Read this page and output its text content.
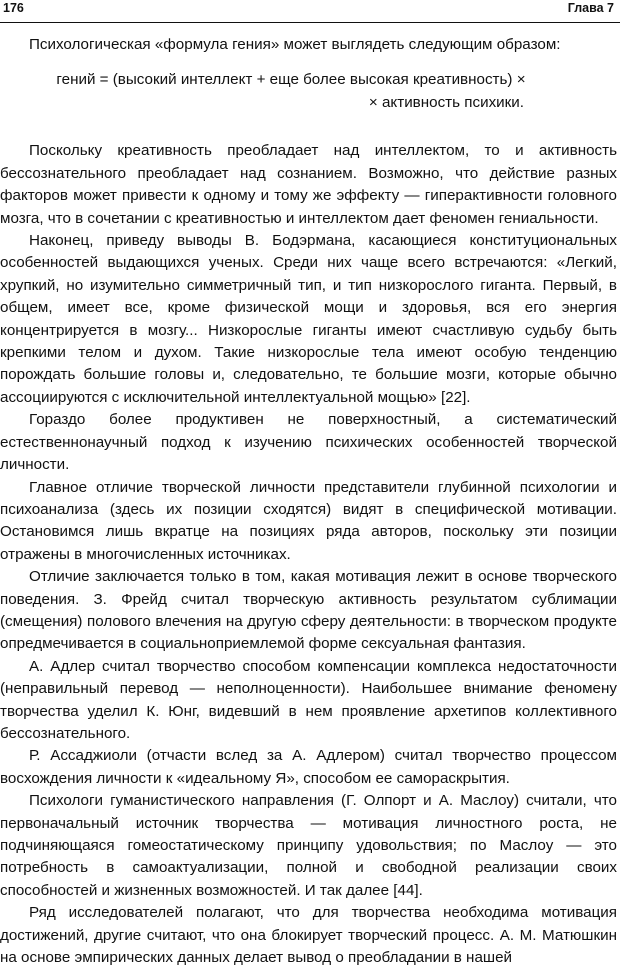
176	Глава 7

Психологическая «формула гения» может выглядеть следующим образом:

гений = (высокий интеллект + еще более высокая креативность) ×
× активность психики.

Поскольку креативность преобладает над интеллектом, то и активность бессознательного преобладает над сознанием. Возможно, что действие разных факторов может привести к одному и тому же эффекту — гиперактивности головного мозга, что в сочетании с креативностью и интеллектом дает феномен гениальности.

Наконец, приведу выводы В. Бодэрмана, касающиеся конституциональных особенностей выдающихся ученых. Среди них чаще всего встречаются: «Легкий, хрупкий, но изумительно симметричный тип, и тип низкорослого гиганта. Первый, в общем, имеет все, кроме физической мощи и здоровья, вся его энергия концентрируется в мозгу... Низкорослые гиганты имеют счастливую судьбу быть крепкими телом и духом. Такие низкорослые тела имеют особую тенденцию порождать большие головы и, следовательно, те большие мозги, которые обычно ассоциируются с исключительной интеллектуальной мощью» [22].

Гораздо более продуктивен не поверхностный, а систематический естественнонаучный подход к изучению психических особенностей творческой личности.

Главное отличие творческой личности представители глубинной психологии и психоанализа (здесь их позиции сходятся) видят в специфической мотивации. Остановимся лишь вкратце на позициях ряда авторов, поскольку эти позиции отражены в многочисленных источниках.

Отличие заключается только в том, какая мотивация лежит в основе творческого поведения. З. Фрейд считал творческую активность результатом сублимации (смещения) полового влечения на другую сферу деятельности: в творческом продукте опредмечивается в социальноприемлемой форме сексуальная фантазия.

А. Адлер считал творчество способом компенсации комплекса недостаточности (неправильный перевод — неполноценности). Наибольшее внимание феномену творчества уделил К. Юнг, видевший в нем проявление архетипов коллективного бессознательного.

Р. Ассаджиоли (отчасти вслед за А. Адлером) считал творчество процессом восхождения личности к «идеальному Я», способом ее самораскрытия.

Психологи гуманистического направления (Г. Олпорт и А. Маслоу) считали, что первоначальный источник творчества — мотивация личностного роста, не подчиняющаяся гомеостатическому принципу удовольствия; по Маслоу — это потребность в самоактуализации, полной и свободной реализации своих способностей и жизненных возможностей. И так далее [44].

Ряд исследователей полагают, что для творчества необходима мотивация достижений, другие считают, что она блокирует творческий процесс. А. М. Матюшкин на основе эмпирических данных делает вывод о преобладании в нашей
